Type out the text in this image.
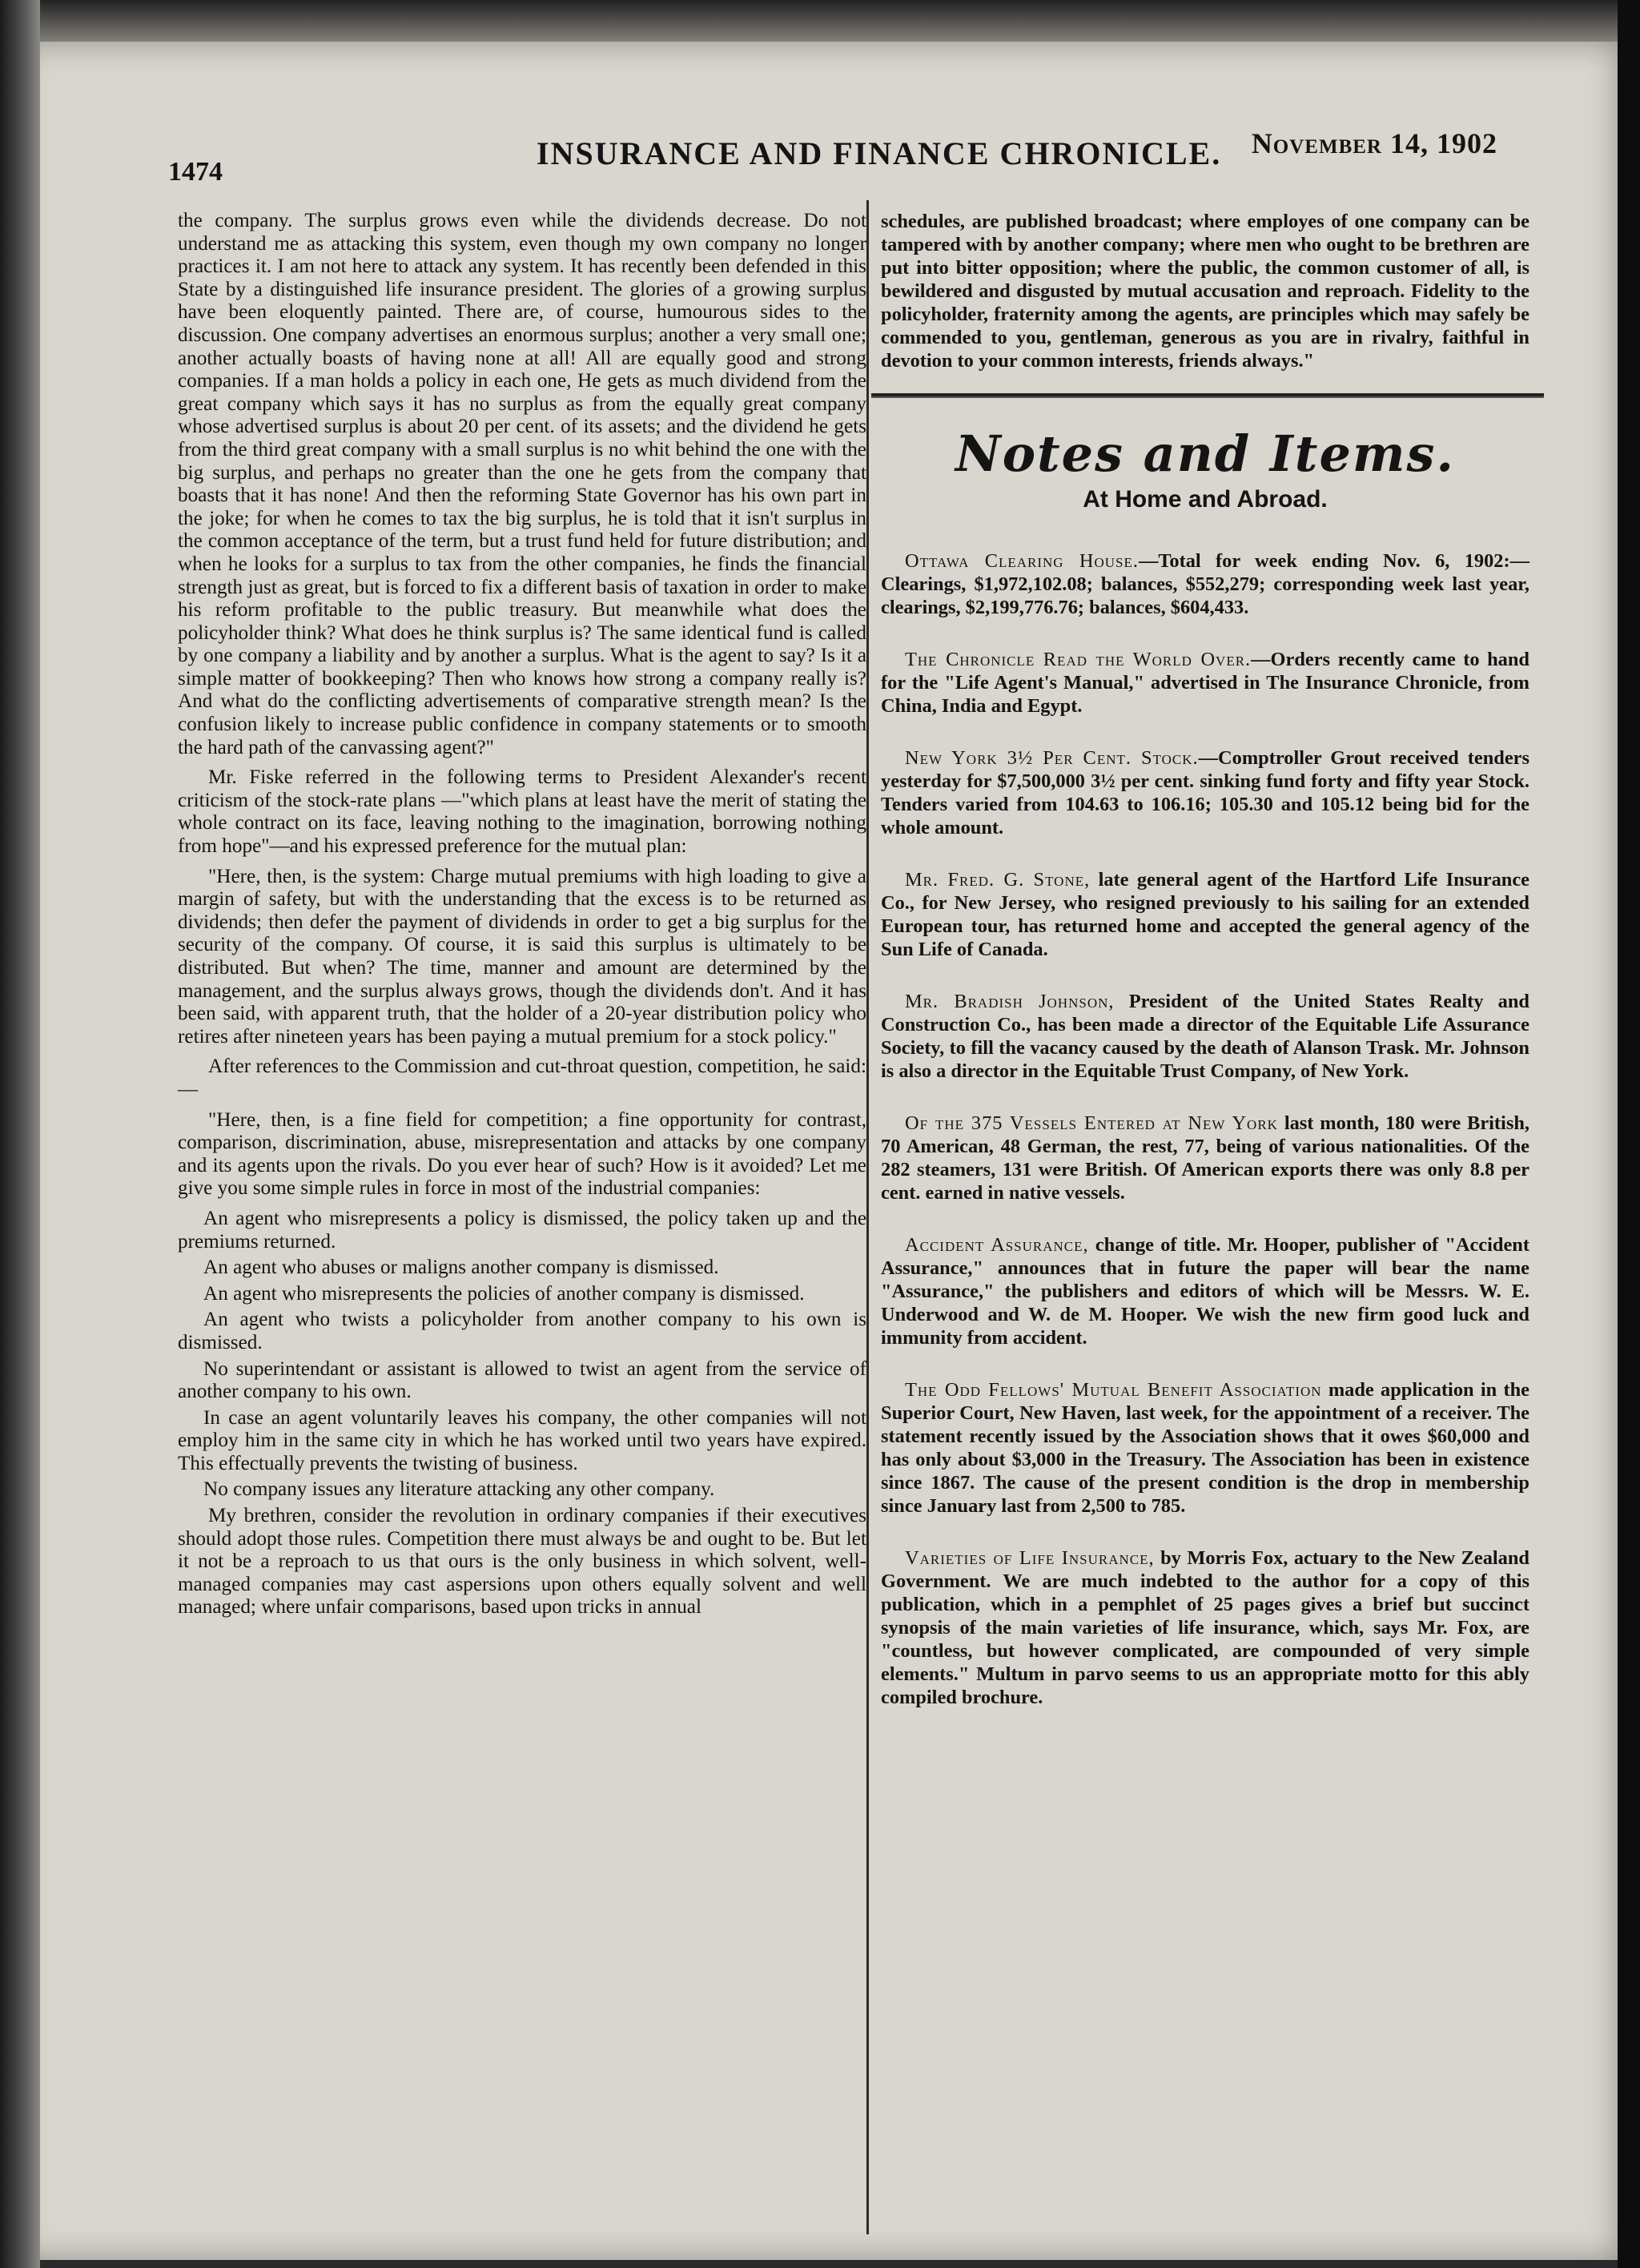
1474
INSURANCE AND FINANCE CHRONICLE. November 14, 1902

the company. The surplus grows even while the dividends decrease. Do not understand me as attacking this system, even though my own company no longer practices it. I am not here to attack any system. It has recently been defended in this State by a distinguished life insurance president. The glories of a growing surplus have been eloquently painted. There are, of course, humourous sides to the discussion. One company advertises an enormous surplus; another a very small one; another actually boasts of having none at all! All are equally good and strong companies. If a man holds a policy in each one, He gets as much dividend from the great company which says it has no surplus as from the equally great company whose advertised surplus is about 20 per cent. of its assets; and the dividend he gets from the third great company with a small surplus is no whit behind the one with the big surplus, and perhaps no greater than the one he gets from the company that boasts that it has none! And then the reforming State Governor has his own part in the joke; for when he comes to tax the big surplus, he is told that it isn't surplus in the common acceptance of the term, but a trust fund held for future distribution; and when he looks for a surplus to tax from the other companies, he finds the financial strength just as great, but is forced to fix a different basis of taxation in order to make his reform profitable to the public treasury. But meanwhile what does the policyholder think? What does he think surplus is? The same identical fund is called by one company a liability and by another a surplus. What is the agent to say? Is it a simple matter of bookkeeping? Then who knows how strong a company really is? And what do the conflicting advertisements of comparative strength mean? Is the confusion likely to increase public confidence in company statements or to smooth the hard path of the canvassing agent?"

Mr. Fiske referred in the following terms to President Alexander's recent criticism of the stock-rate plans —"which plans at least have the merit of stating the whole contract on its face, leaving nothing to the imagination, borrowing nothing from hope"—and his expressed preference for the mutual plan:

"Here, then, is the system: Charge mutual premiums with high loading to give a margin of safety, but with the understanding that the excess is to be returned as dividends; then defer the payment of dividends in order to get a big surplus for the security of the company. Of course, it is said this surplus is ultimately to be distributed. But when? The time, manner and amount are determined by the management, and the surplus always grows, though the dividends don't. And it has been said, with apparent truth, that the holder of a 20-year distribution policy who retires after nineteen years has been paying a mutual premium for a stock policy."

After references to the Commission and cut-throat question, competition, he said:—

"Here, then, is a fine field for competition; a fine opportunity for contrast, comparison, discrimination, abuse, misrepresentation and attacks by one company and its agents upon the rivals. Do you ever hear of such? How is it avoided? Let me give you some simple rules in force in most of the industrial companies:

An agent who misrepresents a policy is dismissed, the policy taken up and the premiums returned.

An agent who abuses or maligns another company is dismissed.

An agent who misrepresents the policies of another company is dismissed.

An agent who twists a policyholder from another company to his own is dismissed.

No superintendant or assistant is allowed to twist an agent from the service of another company to his own.

In case an agent voluntarily leaves his company, the other companies will not employ him in the same city in which he has worked until two years have expired. This effectually prevents the twisting of business.

No company issues any literature attacking any other company.

My brethren, consider the revolution in ordinary companies if their executives should adopt those rules. Competition there must always be and ought to be. But let it not be a reproach to us that ours is the only business in which solvent, well-managed companies may cast aspersions upon others equally solvent and well managed; where unfair comparisons, based upon tricks in annual

schedules, are published broadcast; where employes of one company can be tampered with by another company; where men who ought to be brethren are put into bitter opposition; where the public, the common customer of all, is bewildered and disgusted by mutual accusation and reproach. Fidelity to the policyholder, fraternity among the agents, are principles which may safely be commended to you, gentleman, generous as you are in rivalry, faithful in devotion to your common interests, friends always."

Notes and Items.
At Home and Abroad.

Ottawa Clearing House.—Total for week ending Nov. 6, 1902:—Clearings, $1,972,102.08; balances, $552,279; corresponding week last year, clearings, $2,199,776.76; balances, $604,433.

The Chronicle Read the World Over.—Orders recently came to hand for the "Life Agent's Manual," advertised in The Insurance Chronicle, from China, India and Egypt.

New York 3½ Per Cent. Stock.—Comptroller Grout received tenders yesterday for $7,500,000 3½ per cent. sinking fund forty and fifty year Stock. Tenders varied from 104.63 to 106.16; 105.30 and 105.12 being bid for the whole amount.

Mr. Fred. G. Stone, late general agent of the Hartford Life Insurance Co., for New Jersey, who resigned previously to his sailing for an extended European tour, has returned home and accepted the general agency of the Sun Life of Canada.

Mr. Bradish Johnson, President of the United States Realty and Construction Co., has been made a director of the Equitable Life Assurance Society, to fill the vacancy caused by the death of Alanson Trask. Mr. Johnson is also a director in the Equitable Trust Company, of New York.

Of the 375 Vessels Entered at New York last month, 180 were British, 70 American, 48 German, the rest, 77, being of various nationalities. Of the 282 steamers, 131 were British. Of American exports there was only 8.8 per cent. earned in native vessels.

Accident Assurance, change of title. Mr. Hooper, publisher of "Accident Assurance," announces that in future the paper will bear the name "Assurance," the publishers and editors of which will be Messrs. W. E. Underwood and W. de M. Hooper. We wish the new firm good luck and immunity from accident.

The Odd Fellows' Mutual Benefit Association made application in the Superior Court, New Haven, last week, for the appointment of a receiver. The statement recently issued by the Association shows that it owes $60,000 and has only about $3,000 in the Treasury. The Association has been in existence since 1867. The cause of the present condition is the drop in membership since January last from 2,500 to 785.

Varieties of Life Insurance, by Morris Fox, actuary to the New Zealand Government. We are much indebted to the author for a copy of this publication, which in a pemphlet of 25 pages gives a brief but succinct synopsis of the main varieties of life insurance, which, says Mr. Fox, are "countless, but however complicated, are compounded of very simple elements." Multum in parvo seems to us an appropriate motto for this ably compiled brochure.
